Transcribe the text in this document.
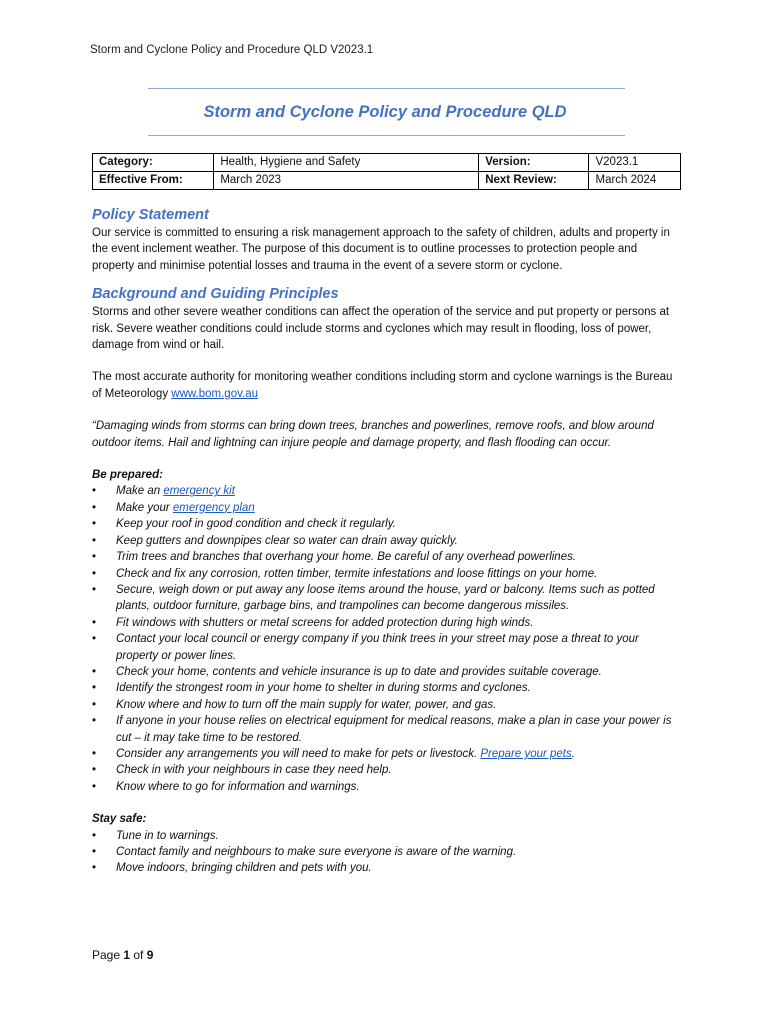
Storm and Cyclone Policy and Procedure QLD V2023.1
Storm and Cyclone Policy and Procedure QLD
Category:	Health, Hygiene and Safety	Version:	V2023.1
Effective From:	March 2023	Next Review:	March 2024
Policy Statement

Our service is committed to ensuring a risk management approach to the safety of children, adults and property in the event inclement weather. The purpose of this document is to outline processes to protection people and property and minimise potential losses and trauma in the event of a severe storm or cyclone.

Background and Guiding Principles

Storms and other severe weather conditions can affect the operation of the service and put property or persons at risk. Severe weather conditions could include storms and cyclones which may result in flooding, loss of power, damage from wind or hail.

The most accurate authority for monitoring weather conditions including storm and cyclone warnings is the Bureau of Meteorology www.bom.gov.au

“Damaging winds from storms can bring down trees, branches and powerlines, remove roofs, and blow around outdoor items. Hail and lightning can injure people and damage property, and flash flooding can occur.

Be prepared:

• Make an emergency kit
• Make your emergency plan
• Keep your roof in good condition and check it regularly.
• Keep gutters and downpipes clear so water can drain away quickly.
• Trim trees and branches that overhang your home. Be careful of any overhead powerlines.
• Check and fix any corrosion, rotten timber, termite infestations and loose fittings on your home.
• Secure, weigh down or put away any loose items around the house, yard or balcony. Items such as potted plants, outdoor furniture, garbage bins, and trampolines can become dangerous missiles.
• Fit windows with shutters or metal screens for added protection during high winds.
• Contact your local council or energy company if you think trees in your street may pose a threat to your property or power lines.
• Check your home, contents and vehicle insurance is up to date and provides suitable coverage.
• Identify the strongest room in your home to shelter in during storms and cyclones.
• Know where and how to turn off the main supply for water, power, and gas.
• If anyone in your house relies on electrical equipment for medical reasons, make a plan in case your power is cut – it may take time to be restored.
• Consider any arrangements you will need to make for pets or livestock. Prepare your pets.
• Check in with your neighbours in case they need help.
• Know where to go for information and warnings.

Stay safe:

• Tune in to warnings.
• Contact family and neighbours to make sure everyone is aware of the warning.
• Move indoors, bringing children and pets with you.
Page 1 of 9
